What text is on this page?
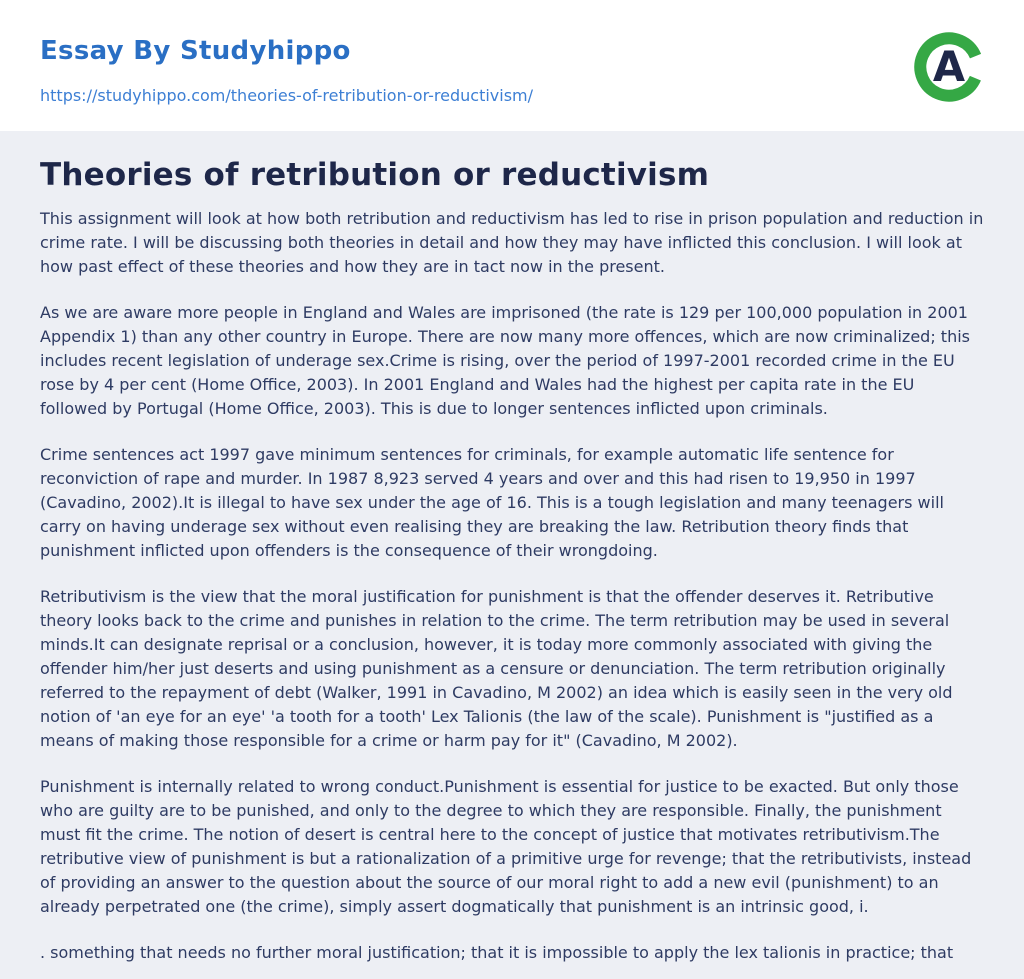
Essay By Studyhippo
https://studyhippo.com/theories-of-retribution-or-reductivism/
A
Theories of retribution or reductivism

This assignment will look at how both retribution and reductivism has led to rise in prison population and reduction in crime rate. I will be discussing both theories in detail and how they may have inflicted this conclusion. I will look at how past effect of these theories and how they are in tact now in the present.

As we are aware more people in England and Wales are imprisoned (the rate is 129 per 100,000 population in 2001 Appendix 1) than any other country in Europe. There are now many more offences, which are now criminalized; this includes recent legislation of underage sex.Crime is rising, over the period of 1997-2001 recorded crime in the EU rose by 4 per cent (Home Office, 2003). In 2001 England and Wales had the highest per capita rate in the EU followed by Portugal (Home Office, 2003). This is due to longer sentences inflicted upon criminals.

Crime sentences act 1997 gave minimum sentences for criminals, for example automatic life sentence for reconviction of rape and murder. In 1987 8,923 served 4 years and over and this had risen to 19,950 in 1997 (Cavadino, 2002).It is illegal to have sex under the age of 16. This is a tough legislation and many teenagers will carry on having underage sex without even realising they are breaking the law. Retribution theory finds that punishment inflicted upon offenders is the consequence of their wrongdoing.

Retributivism is the view that the moral justification for punishment is that the offender deserves it. Retributive theory looks back to the crime and punishes in relation to the crime. The term retribution may be used in several minds.It can designate reprisal or a conclusion, however, it is today more commonly associated with giving the offender him/her just deserts and using punishment as a censure or denunciation. The term retribution originally referred to the repayment of debt (Walker, 1991 in Cavadino, M 2002) an idea which is easily seen in the very old notion of 'an eye for an eye' 'a tooth for a tooth' Lex Talionis (the law of the scale). Punishment is "justified as a means of making those responsible for a crime or harm pay for it" (Cavadino, M 2002).

Punishment is internally related to wrong conduct.Punishment is essential for justice to be exacted. But only those who are guilty are to be punished, and only to the degree to which they are responsible. Finally, the punishment must fit the crime. The notion of desert is central here to the concept of justice that motivates retributivism.The retributive view of punishment is but a rationalization of a primitive urge for revenge; that the retributivists, instead of providing an answer to the question about the source of our moral right to add a new evil (punishment) to an already perpetrated one (the crime), simply assert dogmatically that punishment is an intrinsic good, i.

. something that needs no further moral justification; that it is impossible to apply the lex talionis in practice; that
